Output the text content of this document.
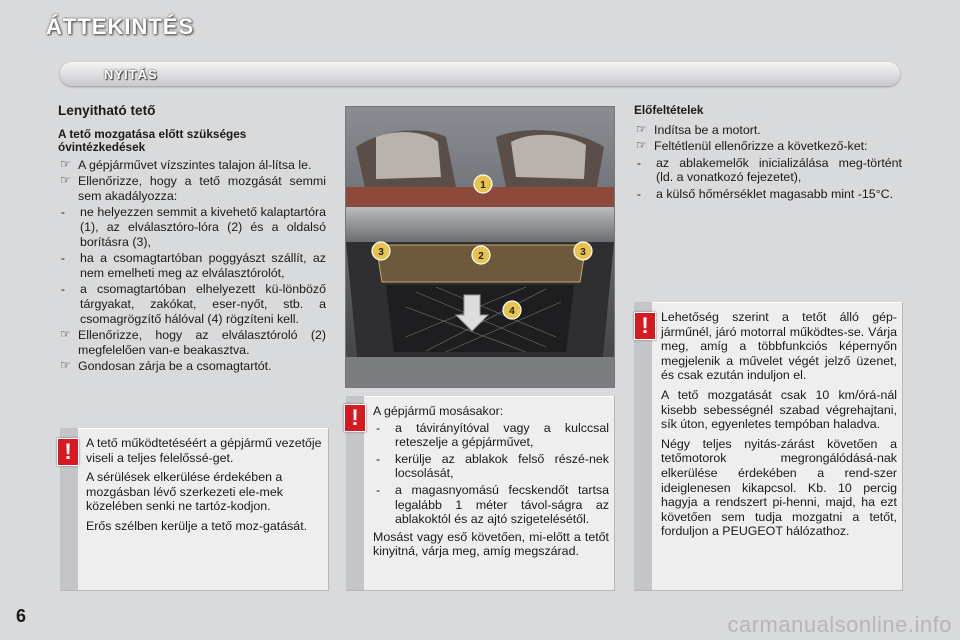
ÁTTEKINTÉS
NYITÁS
Lenyitható tető
A tető mozgatása előtt szükséges óvintézkedések
☞ A gépjárművet vízszintes talajon ál-lítsa le.
☞ Ellenőrizze, hogy a tető mozgását semmi sem akadályozza:
- ne helyezzen semmit a kivehető kalaptartóra (1), az elválasztóro-lóra (2) és a oldalsó borításra (3),
- ha a csomagtartóban poggyászt szállít, az nem emelheti meg az elválasztórolót,
- a csomagtartóban elhelyezett kü-lönböző tárgyakat, zakókat, eser-nyőt, stb. a csomagrögzítő hálóval (4) rögzíteni kell.
☞ Ellenőrizze, hogy az elválasztóroló (2) megfelelően van-e beakasztva.
☞ Gondosan zárja be a csomagtartót.

A tető működtetéséért a gépjármű vezetője viseli a teljes felelőssé-get.

A sérülések elkerülése érdekében a mozgásban lévő szerkezeti ele-mek közelében senki ne tartóz-kodjon.

Erős szélben kerülje a tető moz-gatását.

!
1
2
3	3
4
A gépjármű mosásakor:
- a távirányítóval vagy a kulccsal reteszelje a gépjárművet,
- kerülje az ablakok felső részé-nek locsolását,
- a magasnyomású fecskendőt tartsa legalább 1 méter távol-ságra az ablakoktól és az ajtó szigetelésétől.
Mosást vagy eső követően, mi-előtt a tetőt kinyitná, várja meg, amíg megszárad.
!
Előfeltételek
☞ Indítsa be a motort.
☞ Feltétlenül ellenőrizze a következő-ket:
- az ablakemelők inicializálása meg-történt (ld. a vonatkozó fejezetet),
- a külső hőmérséklet magasabb mint -15°C.

Lehetőség szerint a tetőt álló gép-járműnél, járó motorral működtes-se. Várja meg, amíg a többfunkciós képernyőn megjelenik a művelet végét jelző üzenet, és csak ezután induljon el.

A tető mozgatását csak 10 km/órá-nál kisebb sebességnél szabad végrehajtani, sík úton, egyenletes tempóban haladva.

Négy teljes nyitás-zárást követően a tetőmotorok megrongálódásá-nak elkerülése érdekében a rend-szer ideiglenesen kikapcsol. Kb. 10 percig hagyja a rendszert pi-henni, majd, ha ezt követően sem tudja mozgatni a tetőt, forduljon a PEUGEOT hálózathoz.

!
6	carmanualsonline.info
